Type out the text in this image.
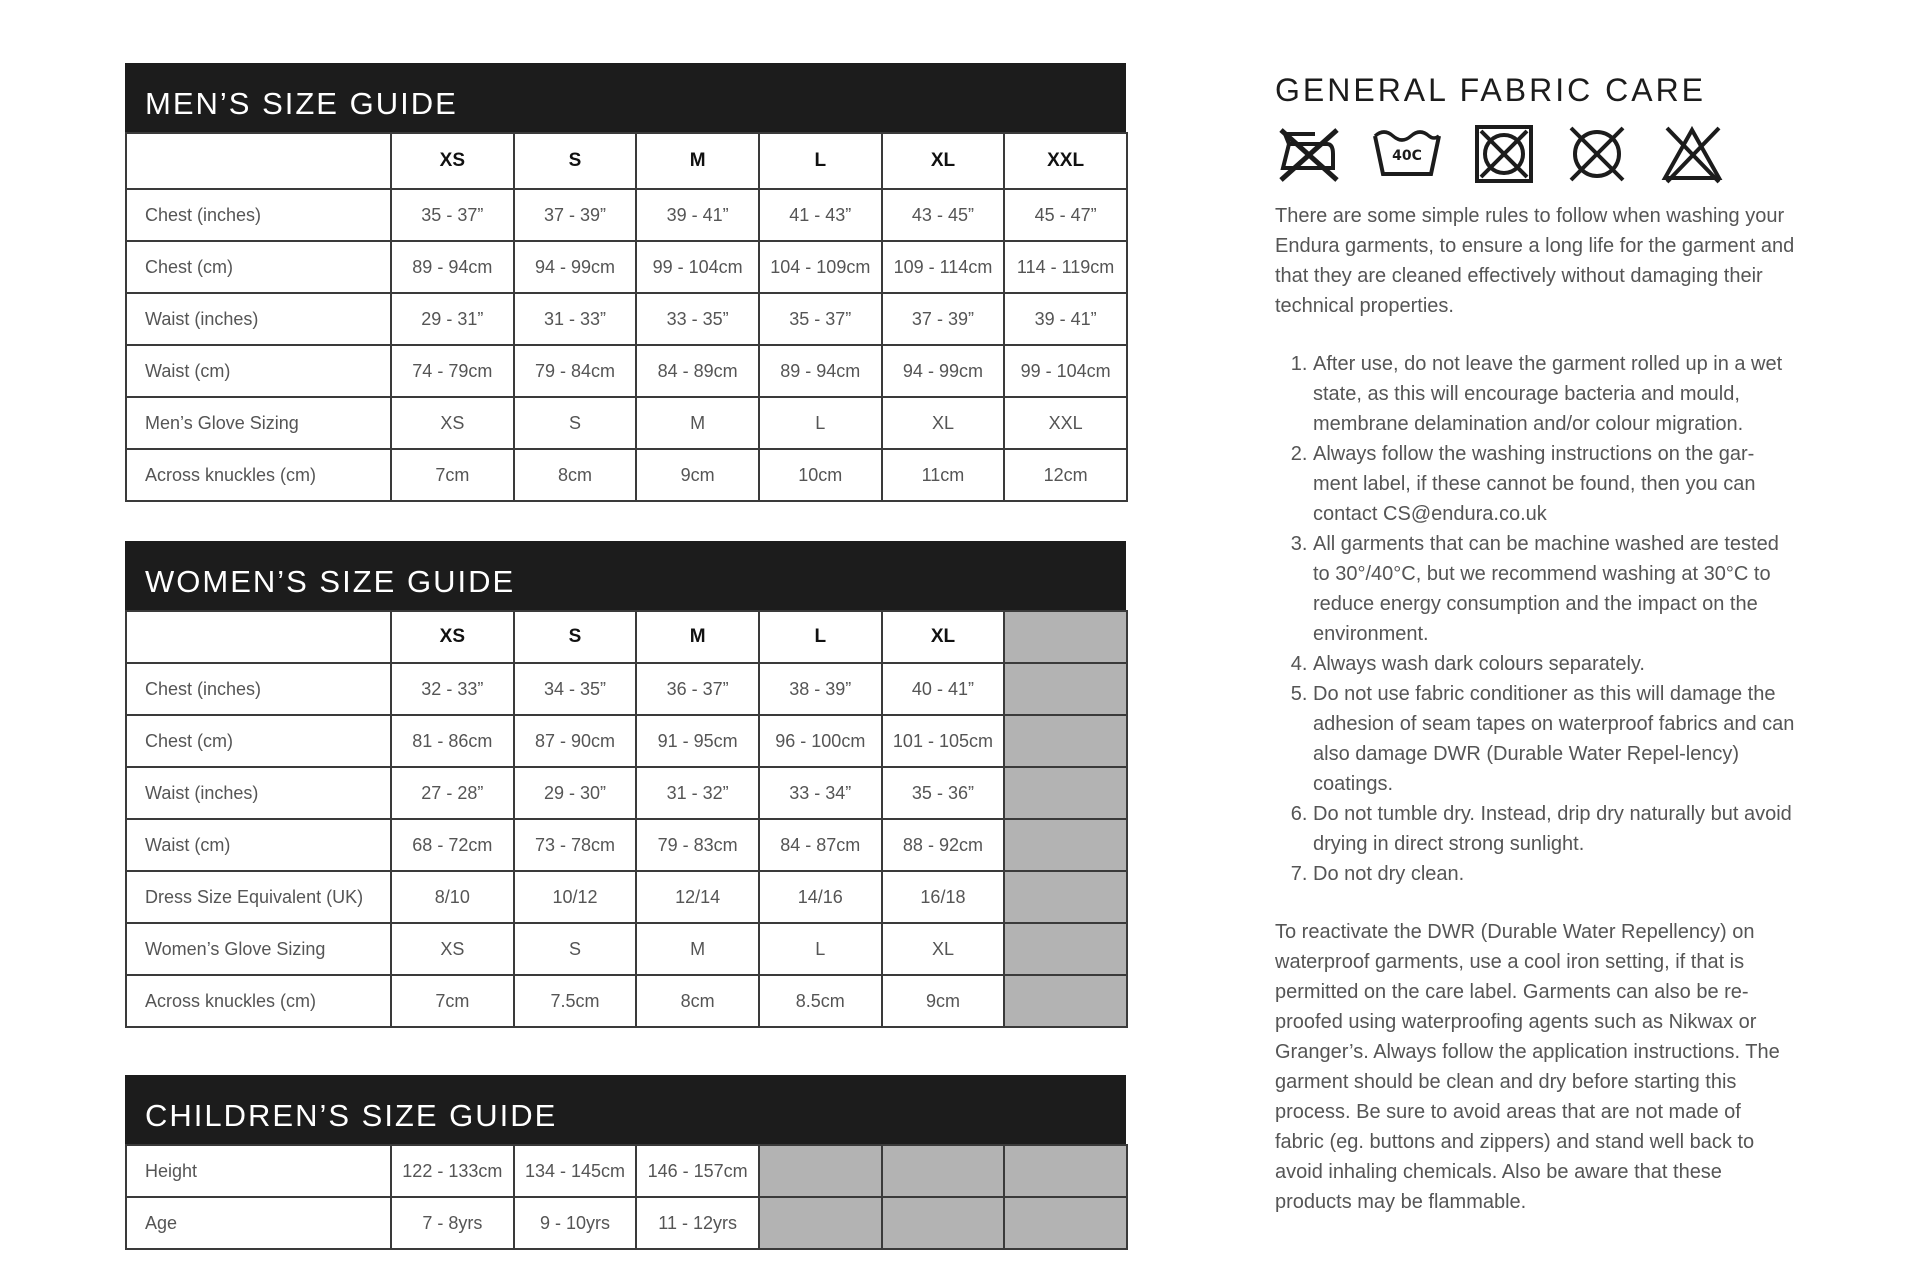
MEN’S SIZE GUIDE
	XS	S	M	L	XL	XXL
Chest (inches)	35 - 37”	37 - 39”	39 - 41”	41 - 43”	43 - 45”	45 - 47”
Chest (cm)	89 - 94cm	94 - 99cm	99 - 104cm	104 - 109cm	109 - 114cm	114 - 119cm
Waist (inches)	29 - 31”	31 - 33”	33 - 35”	35 - 37”	37 - 39”	39 - 41”
Waist (cm)	74 - 79cm	79 - 84cm	84 - 89cm	89 - 94cm	94 - 99cm	99 - 104cm
Men’s Glove Sizing	XS	S	M	L	XL	XXL
Across knuckles (cm)	7cm	8cm	9cm	10cm	11cm	12cm
WOMEN’S SIZE GUIDE
	XS	S	M	L	XL	
Chest (inches)	32 - 33”	34 - 35”	36 - 37”	38 - 39”	40 - 41”	
Chest (cm)	81 - 86cm	87 - 90cm	91 - 95cm	96 - 100cm	101 - 105cm	
Waist (inches)	27 - 28”	29 - 30”	31 - 32”	33 - 34”	35 - 36”	
Waist (cm)	68 - 72cm	73 - 78cm	79 - 83cm	84 - 87cm	88 - 92cm	
Dress Size Equivalent (UK)	8/10	10/12	12/14	14/16	16/18	
Women’s Glove Sizing	XS	S	M	L	XL	
Across knuckles (cm)	7cm	7.5cm	8cm	8.5cm	9cm	
CHILDREN’S SIZE GUIDE
Height	122 - 133cm	134 - 145cm	146 - 157cm			
Age	7 - 8yrs	9 - 10yrs	11 - 12yrs			
GENERAL FABRIC CARE
40C

There are some simple rules to follow when washing your Endura garments, to ensure a long life for the garment and that they are cleaned effectively without damaging their technical properties.

1. After use, do not leave the garment rolled up in a wet state, as this will encourage bacteria and mould, membrane delamination and/or colour migration.
2. Always follow the washing instructions on the gar-ment label, if these cannot be found, then you can contact CS@endura.co.uk
3. All garments that can be machine washed are tested to 30°/40°C, but we recommend washing at 30°C to reduce energy consumption and the impact on the environment.
4. Always wash dark colours separately.
5. Do not use fabric conditioner as this will damage the adhesion of seam tapes on waterproof fabrics and can also damage DWR (Durable Water Repel-lency) coatings.
6. Do not tumble dry. Instead, drip dry naturally but avoid drying in direct strong sunlight.
7. Do not dry clean.

To reactivate the DWR (Durable Water Repellency) on waterproof garments, use a cool iron setting, if that is permitted on the care label. Garments can also be re-proofed using waterproofing agents such as Nikwax or Granger’s. Always follow the application instructions. The garment should be clean and dry before starting this process. Be sure to avoid areas that are not made of fabric (eg. buttons and zippers) and stand well back to avoid inhaling chemicals. Also be aware that these products may be flammable.
